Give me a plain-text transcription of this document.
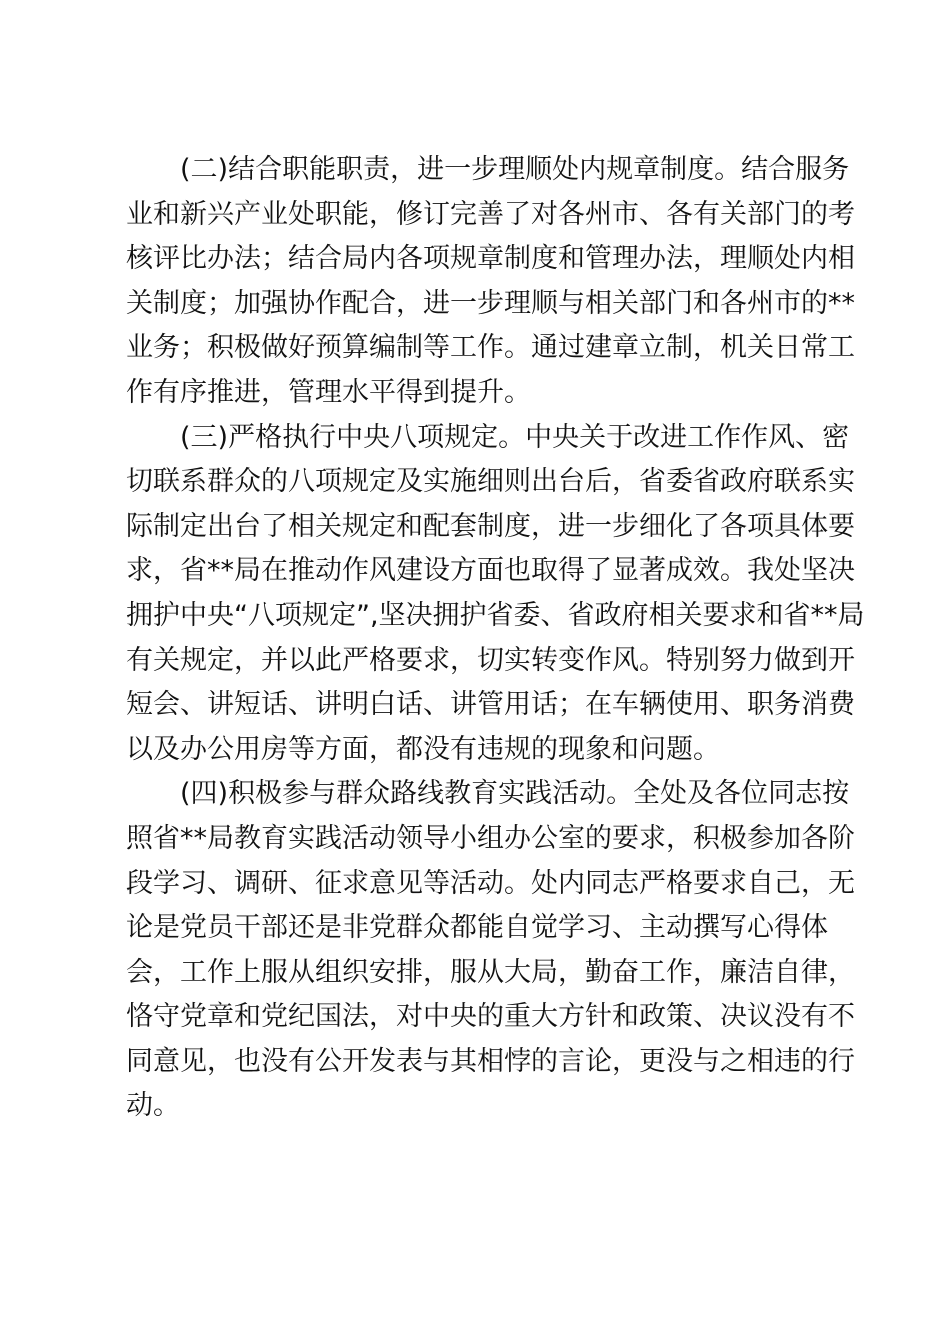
(二)结合职能职责，进一步理顺处内规章制度。结合服务
业和新兴产业处职能，修订完善了对各州市、各有关部门的考
核评比办法；结合局内各项规章制度和管理办法，理顺处内相
关制度；加强协作配合，进一步理顺与相关部门和各州市的**
业务；积极做好预算编制等工作。通过建章立制，机关日常工
作有序推进，管理水平得到提升。

(三)严格执行中央八项规定。中央关于改进工作作风、密
切联系群众的八项规定及实施细则出台后，省委省政府联系实
际制定出台了相关规定和配套制度，进一步细化了各项具体要
求，省**局在推动作风建设方面也取得了显著成效。我处坚决
拥护中央“八项规定”,坚决拥护省委、省政府相关要求和省**局
有关规定，并以此严格要求，切实转变作风。特别努力做到开
短会、讲短话、讲明白话、讲管用话；在车辆使用、职务消费
以及办公用房等方面，都没有违规的现象和问题。

(四)积极参与群众路线教育实践活动。全处及各位同志按
照省**局教育实践活动领导小组办公室的要求，积极参加各阶
段学习、调研、征求意见等活动。处内同志严格要求自己，无
论是党员干部还是非党群众都能自觉学习、主动撰写心得体
会，工作上服从组织安排，服从大局，勤奋工作，廉洁自律，
恪守党章和党纪国法，对中央的重大方针和政策、决议没有不
同意见，也没有公开发表与其相悖的言论，更没与之相违的行
动。
